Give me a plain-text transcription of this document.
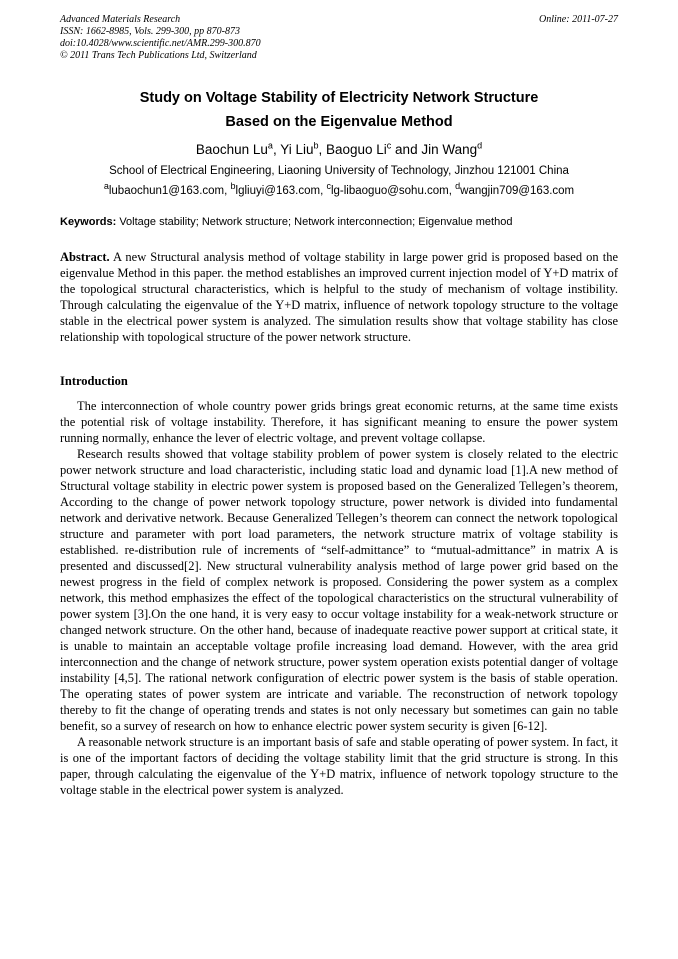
Advanced Materials Research
ISSN: 1662-8985, Vols. 299-300, pp 870-873
doi:10.4028/www.scientific.net/AMR.299-300.870
© 2011 Trans Tech Publications Ltd, Switzerland
Online: 2011-07-27
Study on Voltage Stability of Electricity Network Structure
Based on the Eigenvalue Method
Baochun Lu$^a$, Yi Liu$^b$, Baoguo Li$^c$ and Jin Wang$^d$
School of Electrical Engineering, Liaoning University of Technology, Jinzhou 121001 China
$^a$lubaochun1@163.com, $^b$lgliuyi@163.com, $^c$lg-libaoguo@sohu.com, $^d$wangjin709@163.com
Keywords: Voltage stability; Network structure; Network interconnection; Eigenvalue method
Abstract. A new Structural analysis method of voltage stability in large power grid is proposed based on the eigenvalue Method in this paper. the method establishes an improved current injection model of Y+D matrix of the topological structural characteristics, which is helpful to the study of mechanism of voltage instibility. Through calculating the eigenvalue of the Y+D matrix, influence of network topology structure to the voltage stable in the electrical power system is analyzed. The simulation results show that voltage stability has close relationship with topological structure of the power network structure.
Introduction

The interconnection of whole country power grids brings great economic returns, at the same time exists the potential risk of voltage instability. Therefore, it has significant meaning to ensure the power system running normally, enhance the lever of electric voltage, and prevent voltage collapse.

Research results showed that voltage stability problem of power system is closely related to the electric power network structure and load characteristic, including static load and dynamic load [1].A new method of Structural voltage stability in electric power system is proposed based on the Generalized Tellegen’s theorem, According to the change of power network topology structure, power network is divided into fundamental network and derivative network. Because Generalized Tellegen’s theorem can connect the network topological structure and parameter with port load parameters, the network structure matrix of voltage stability is established. re-distribution rule of increments of “self-admittance” to “mutual-admittance” in matrix A is presented and discussed[2]. New structural vulnerability analysis method of large power grid based on the newest progress in the field of complex network is proposed. Considering the power system as a complex network, this method emphasizes the effect of the topological characteristics on the structural vulnerability of power system [3].On the one hand, it is very easy to occur voltage instability for a weak-network structure or changed network structure. On the other hand, because of inadequate reactive power support at critical state, it is unable to maintain an acceptable voltage profile increasing load demand. However, with the area grid interconnection and the change of network structure, power system operation exists potential danger of voltage instability [4,5]. The rational network configuration of electric power system is the basis of stable operation. The operating states of power system are intricate and variable. The reconstruction of network topology thereby to fit the change of operating trends and states is not only necessary but sometimes can gain no table benefit, so a survey of research on how to enhance electric power system security is given [6-12].

A reasonable network structure is an important basis of safe and stable operating of power system. In fact, it is one of the important factors of deciding the voltage stability limit that the grid structure is strong. In this paper, through calculating the eigenvalue of the Y+D matrix, influence of network topology structure to the voltage stable in the electrical power system is analyzed.
